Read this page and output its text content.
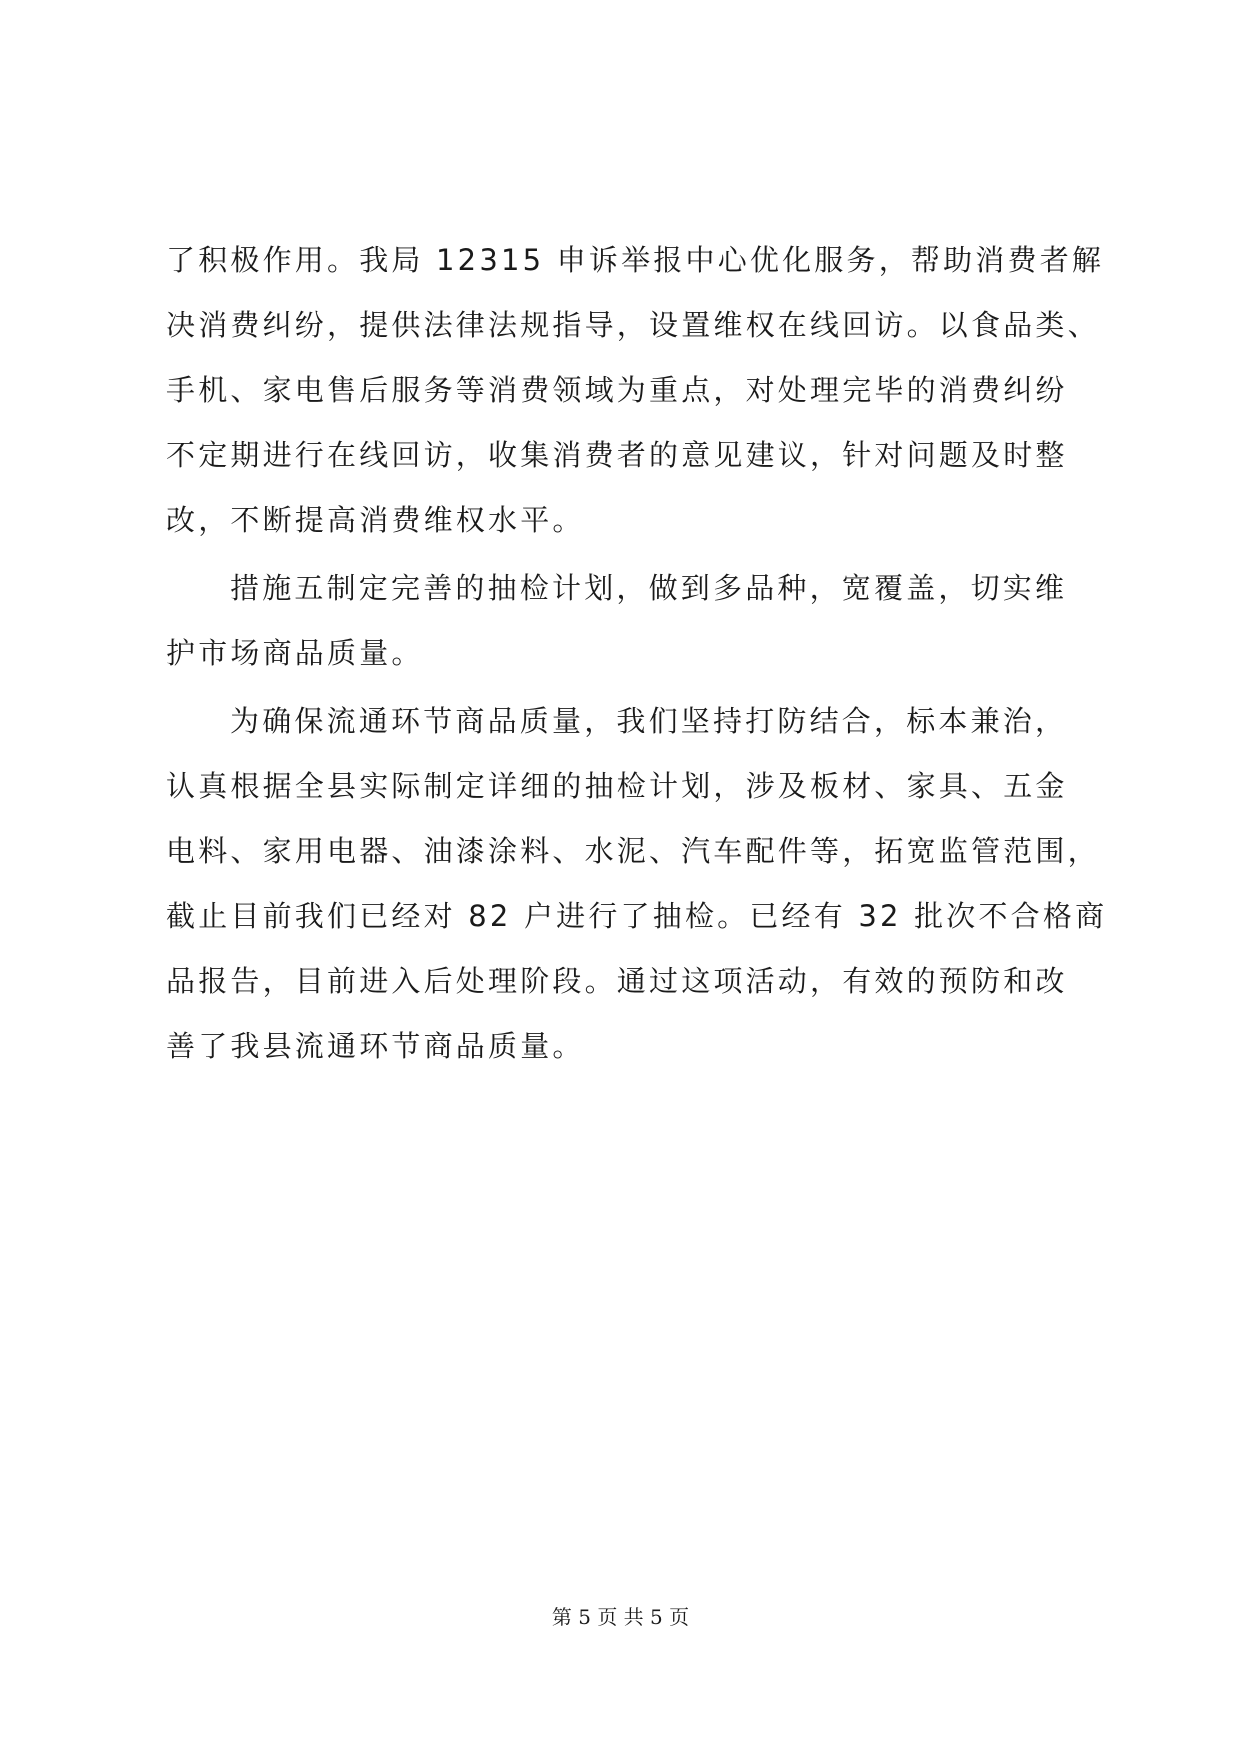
了积极作用。我局 12315 申诉举报中心优化服务，帮助消费者解
决消费纠纷，提供法律法规指导，设置维权在线回访。以食品类、
手机、家电售后服务等消费领域为重点，对处理完毕的消费纠纷
不定期进行在线回访，收集消费者的意见建议，针对问题及时整
改，不断提高消费维权水平。
措施五制定完善的抽检计划，做到多品种，宽覆盖，切实维
护市场商品质量。
为确保流通环节商品质量，我们坚持打防结合，标本兼治，
认真根据全县实际制定详细的抽检计划，涉及板材、家具、五金
电料、家用电器、油漆涂料、水泥、汽车配件等，拓宽监管范围，
截止目前我们已经对 82 户进行了抽检。已经有 32 批次不合格商
品报告，目前进入后处理阶段。通过这项活动，有效的预防和改
善了我县流通环节商品质量。
第 5 页 共 5 页
